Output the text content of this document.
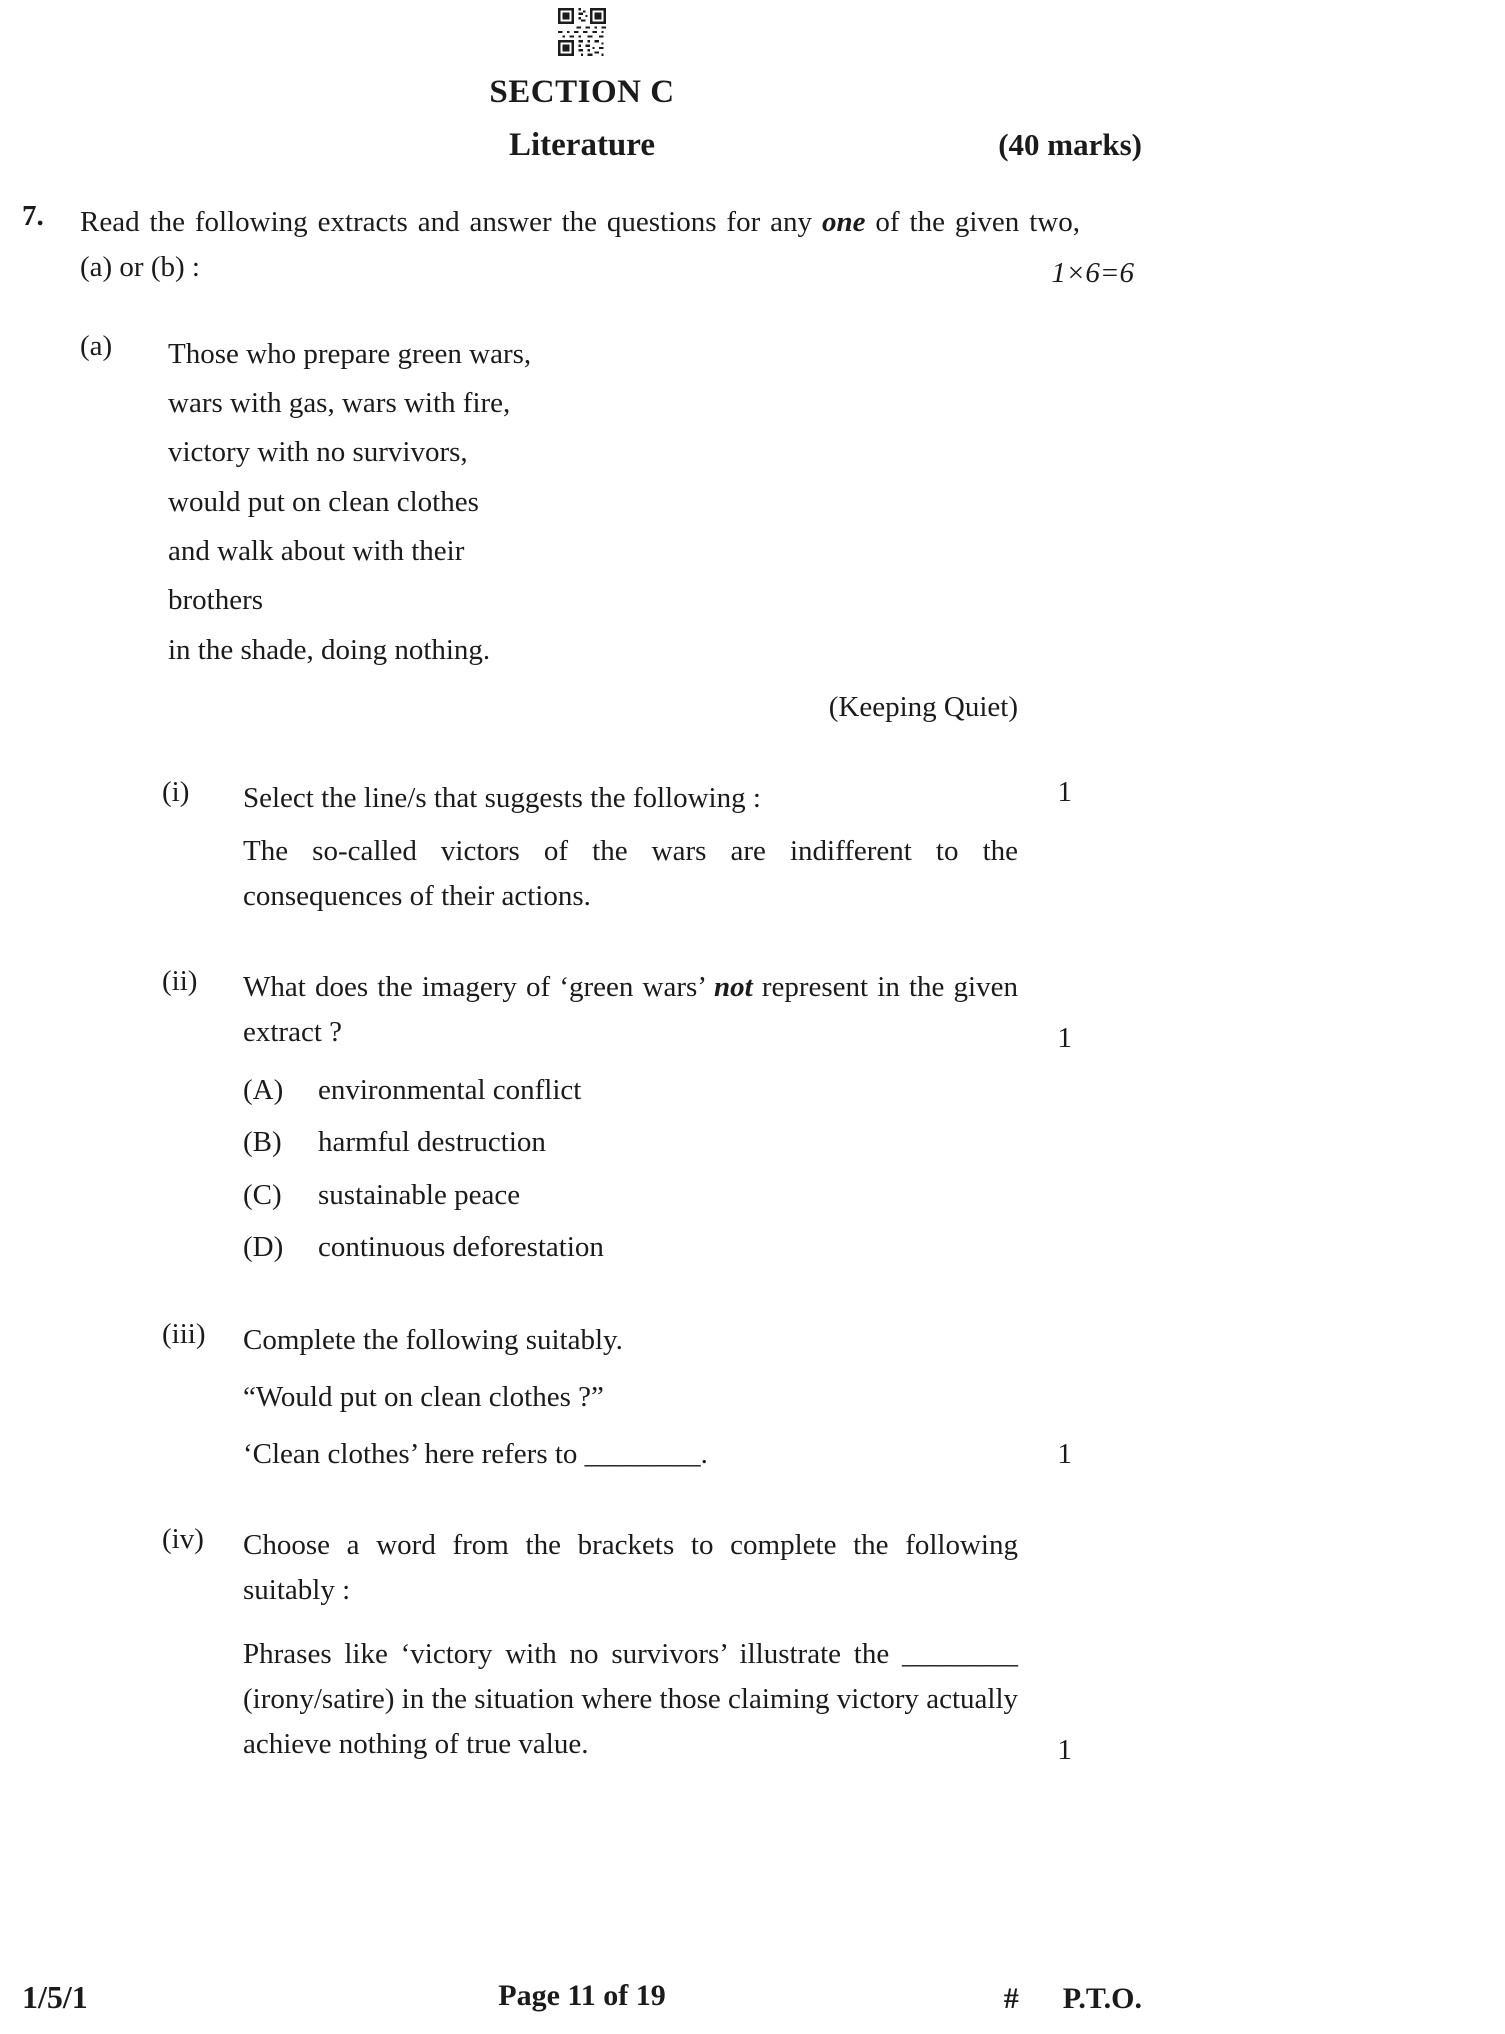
SECTION C
Literature	(40 marks)
7.	Read the following extracts and answer the questions for any one of the given two, (a) or (b) :	1×6=6
(a)	Those who prepare green wars,
wars with gas, wars with fire,
victory with no survivors,
would put on clean clothes
and walk about with their
brothers
in the shade, doing nothing.
(Keeping Quiet)
(i)	Select the line/s that suggests the following :	1

The so-called victors of the wars are indifferent to the consequences of their actions.

(ii)	What does the imagery of ‘green wars’ not represent in the given extract ?	1
(A)	environmental conflict
(B)	harmful destruction
(C)	sustainable peace
(D)	continuous deforestation
(iii)	Complete the following suitably.
“Would put on clean clothes ?”
‘Clean clothes’ here refers to ________.	1
(iv)	Choose a word from the brackets to complete the following suitably :

Phrases like ‘victory with no survivors’ illustrate the ________ (irony/satire) in the situation where those claiming victory actually achieve nothing of true value.	1
1/5/1	Page 11 of 19	# P.T.O.
